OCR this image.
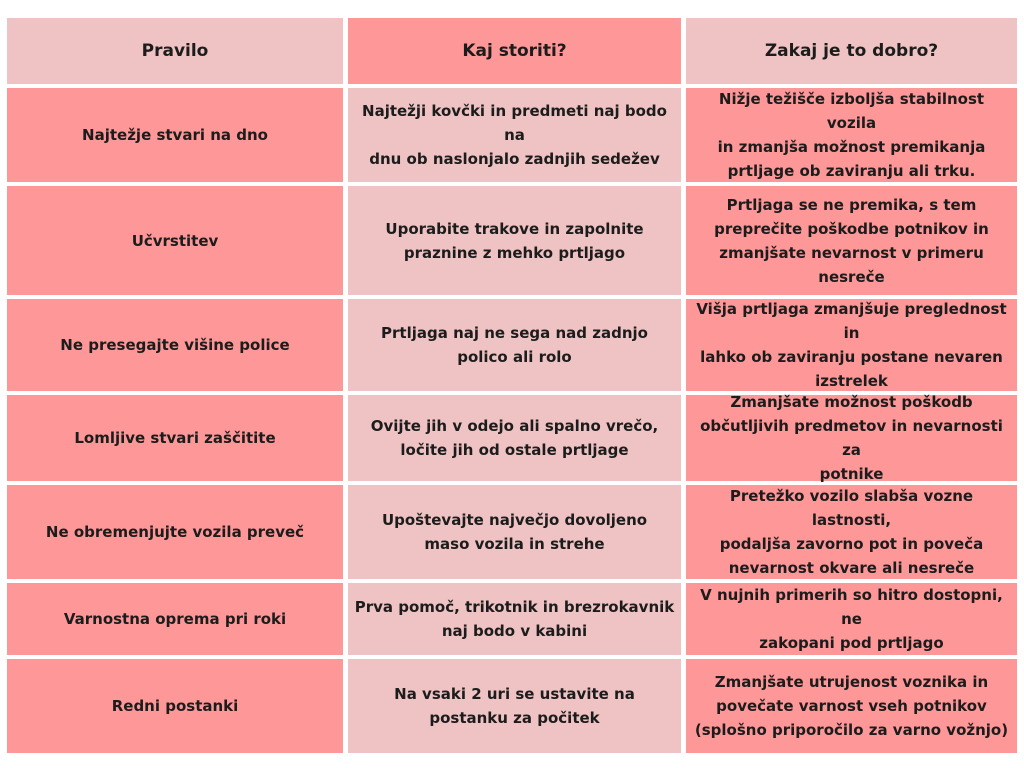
Pravilo	Kaj storiti?	Zakaj je to dobro?
Najtežje stvari na dno
Najtežji kovčki in predmeti naj bodo na
dnu ob naslonjalo zadnjih sedežev
Nižje težišče izboljša stabilnost vozila
in zmanjša možnost premikanja
prtljage ob zaviranju ali trku.
Učvrstitev
Uporabite trakove in zapolnite
praznine z mehko prtljago
Prtljaga se ne premika, s tem
preprečite poškodbe potnikov in
zmanjšate nevarnost v primeru
nesreče
Ne presegajte višine police
Prtljaga naj ne sega nad zadnjo
polico ali rolo
Višja prtljaga zmanjšuje preglednost in
lahko ob zaviranju postane nevaren
izstrelek
Lomljive stvari zaščitite
Ovijte jih v odejo ali spalno vrečo,
ločite jih od ostale prtljage
Zmanjšate možnost poškodb
občutljivih predmetov in nevarnosti za
potnike
Ne obremenjujte vozila preveč
Upoštevajte največjo dovoljeno
maso vozila in strehe
Pretežko vozilo slabša vozne lastnosti,
podaljša zavorno pot in poveča
nevarnost okvare ali nesreče
Varnostna oprema pri roki
Prva pomoč, trikotnik in brezrokavnik
naj bodo v kabini
V nujnih primerih so hitro dostopni, ne
zakopani pod prtljago
Redni postanki
Na vsaki 2 uri se ustavite na
postanku za počitek
Zmanjšate utrujenost voznika in
povečate varnost vseh potnikov
(splošno priporočilo za varno vožnjo)
